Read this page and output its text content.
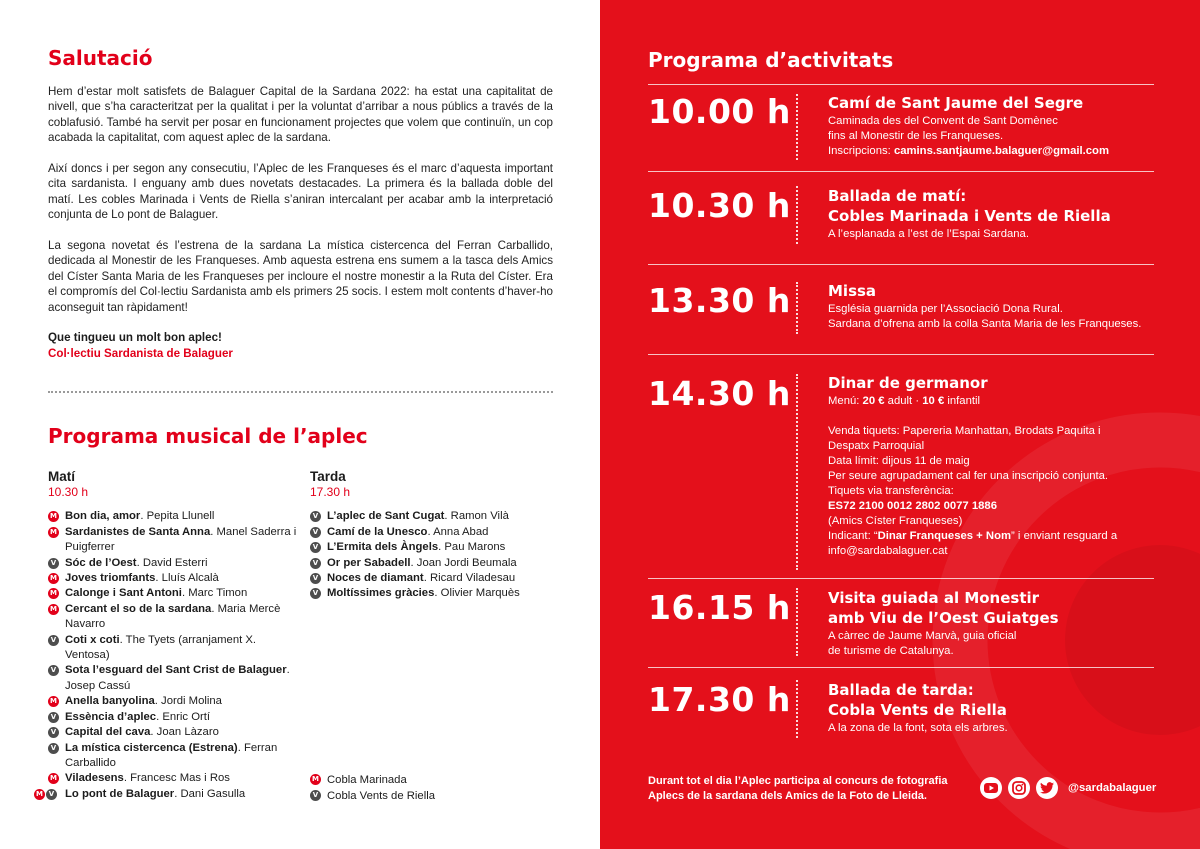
Salutació

Hem d’estar molt satisfets de Balaguer Capital de la Sardana 2022: ha estat una capitalitat de nivell, que s’ha caracteritzat per la qualitat i per la voluntat d’arribar a nous públics a través de la coblafusió. També ha servit per posar en funcionament projectes que volem que continuïn, un cop acabada la capitalitat, com aquest aplec de la sardana.

Així doncs i per segon any consecutiu, l’Aplec de les Franqueses és el marc d’aquesta important cita sardanista. I enguany amb dues novetats destacades. La primera és la ballada doble del matí. Les cobles Marinada i Vents de Riella s’aniran intercalant per acabar amb la interpretació conjunta de Lo pont de Balaguer.

La segona novetat és l’estrena de la sardana La mística cistercenca del Ferran Carballido, dedicada al Monestir de les Franqueses. Amb aquesta estrena ens sumem a la tasca dels Amics del Císter Santa Maria de les Franqueses per incloure el nostre monestir a la Ruta del Císter. Era el compromís del Col·lectiu Sardanista amb els primers 25 socis. I estem molt contents d’haver-ho aconseguit tan ràpidament!

Que tingueu un molt bon aplec!
Col·lectiu Sardanista de Balaguer
Programa musical de l’aplec
Matí
10.30 h
M Bon dia, amor. Pepita Llunell
M Sardanistes de Santa Anna. Manel Saderra i Puigferrer
V Sóc de l’Oest. David Esterri
M Joves triomfants. Lluís Alcalà
M Calonge i Sant Antoni. Marc Timon
M Cercant el so de la sardana. Maria Mercè Navarro
V Coti x coti. The Tyets (arranjament X. Ventosa)
V Sota l’esguard del Sant Crist de Balaguer. Josep Cassú
M Anella banyolina. Jordi Molina
V Essència d’aplec. Enric Ortí
V Capital del cava. Joan Làzaro
V La mística cistercenca (Estrena). Ferran Carballido
M Viladesens. Francesc Mas i Ros
M V Lo pont de Balaguer. Dani Gasulla
Tarda
17.30 h
V L’aplec de Sant Cugat. Ramon Vilà
V Camí de la Unesco. Anna Abad
V L’Ermita dels Àngels. Pau Marons
V Or per Sabadell. Joan Jordi Beumala
V Noces de diamant. Ricard Viladesau
V Moltíssimes gràcies. Olivier Marquès
M Cobla Marinada
V Cobla Vents de Riella
Programa d’activitats
10.00 h Camí de Sant Jaume del Segre
Caminada des del Convent de Sant Domènec
fins al Monestir de les Franqueses.
Inscripcions: camins.santjaume.balaguer@gmail.com
10.30 h Ballada de matí:
Cobles Marinada i Vents de Riella
A l’esplanada a l’est de l’Espai Sardana.
13.30 h Missa
Església guarnida per l’Associació Dona Rural.
Sardana d’ofrena amb la colla Santa Maria de les Franqueses.
14.30 h Dinar de germanor
Menú: 20 € adult · 10 € infantil
Venda tiquets: Papereria Manhattan, Brodats Paquita i
Despatx Parroquial
Data límit: dijous 11 de maig
Per seure agrupadament cal fer una inscripció conjunta.
Tiquets via transferència:
ES72 2100 0012 2802 0077 1886
(Amics Císter Franqueses)
Indicant: “Dinar Franqueses + Nom” i enviant resguard a
info@sardabalaguer.cat
16.15 h Visita guiada al Monestir
amb Viu de l’Oest Guiatges
A càrrec de Jaume Marvà, guia oficial
de turisme de Catalunya.
17.30 h Ballada de tarda:
Cobla Vents de Riella
A la zona de la font, sota els arbres.
Durant tot el dia l’Aplec participa al concurs de fotografia Aplecs de la sardana dels Amics de la Foto de Lleida.
@sardabalaguer
